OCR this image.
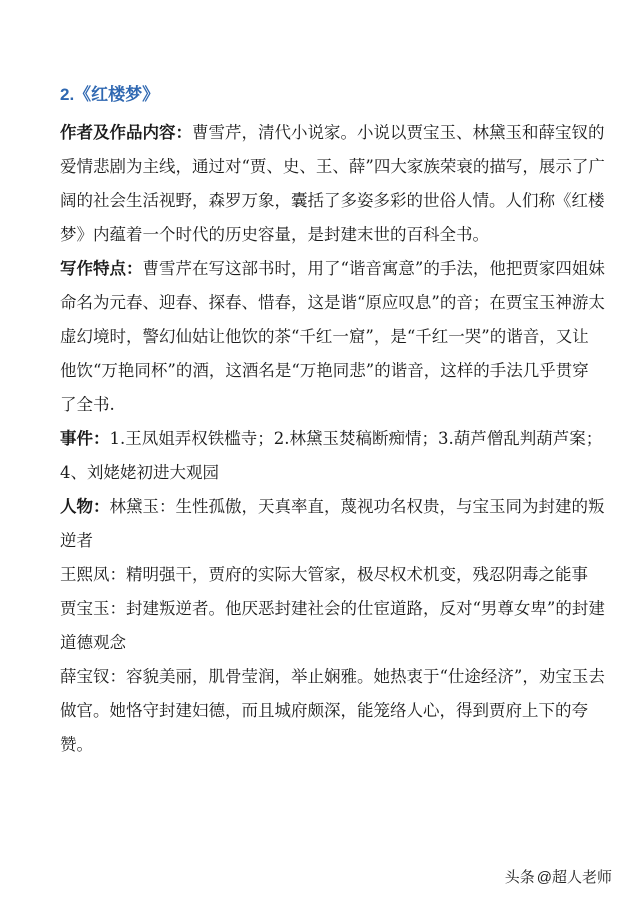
2.《红楼梦》

作者及作品内容：曹雪芹，清代小说家。小说以贾宝玉、林黛玉和薛宝钗的爱情悲剧为主线，通过对“贾、史、王、薛”四大家族荣衰的描写，展示了广阔的社会生活视野，森罗万象，囊括了多姿多彩的世俗人情。人们称《红楼梦》内蕴着一个时代的历史容量，是封建末世的百科全书。

写作特点：曹雪芹在写这部书时，用了“谐音寓意”的手法，他把贾家四姐妹命名为元春、迎春、探春、惜春，这是谐“原应叹息”的音；在贾宝玉神游太虚幻境时，警幻仙姑让他饮的茶“千红一窟”，是“千红一哭”的谐音，又让他饮“万艳同杯”的酒，这酒名是“万艳同悲”的谐音，这样的手法几乎贯穿了全书.

事件：1.王凤姐弄权铁槛寺；2.林黛玉焚稿断痴情；3.葫芦僧乱判葫芦案；4、刘姥姥初进大观园

人物：林黛玉：生性孤傲，天真率直，蔑视功名权贵，与宝玉同为封建的叛逆者

王熙凤：精明强干，贾府的实际大管家，极尽权术机变，残忍阴毒之能事

贾宝玉：封建叛逆者。他厌恶封建社会的仕宦道路，反对“男尊女卑”的封建道德观念

薛宝钗：容貌美丽，肌骨莹润，举止娴雅。她热衷于“仕途经济”，劝宝玉去做官。她恪守封建妇德，而且城府颇深，能笼络人心，得到贾府上下的夸赞。

头条 @超人老师
